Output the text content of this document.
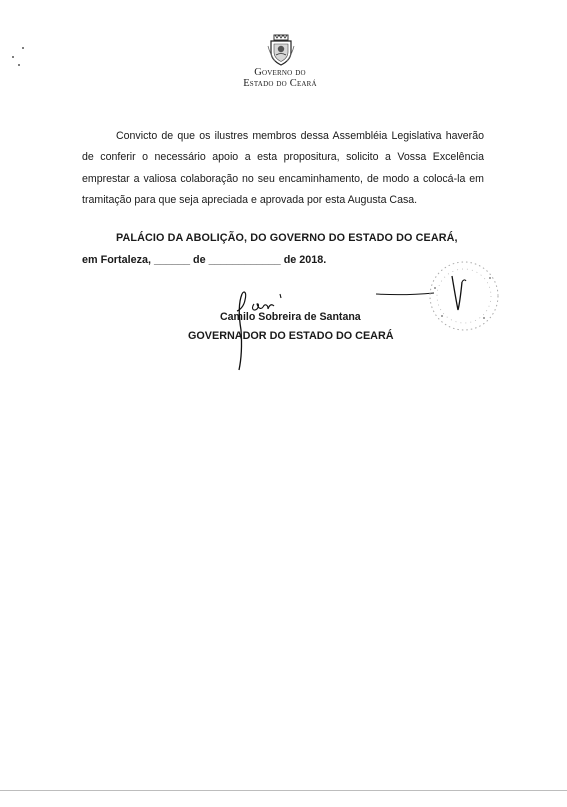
Governo do
Estado do Ceará
Convicto de que os ilustres membros dessa Assembléia Legislativa haverão de conferir o necessário apoio a esta propositura, solicito a Vossa Excelência emprestar a valiosa colaboração no seu encaminhamento, de modo a colocá-la em tramitação para que seja apreciada e aprovada por esta Augusta Casa.
PALÁCIO DA ABOLIÇÃO, DO GOVERNO DO ESTADO DO CEARÁ,
em Fortaleza, ______ de ____________ de 2018.
Camilo Sobreira de Santana
GOVERNADOR DO ESTADO DO CEARÁ
